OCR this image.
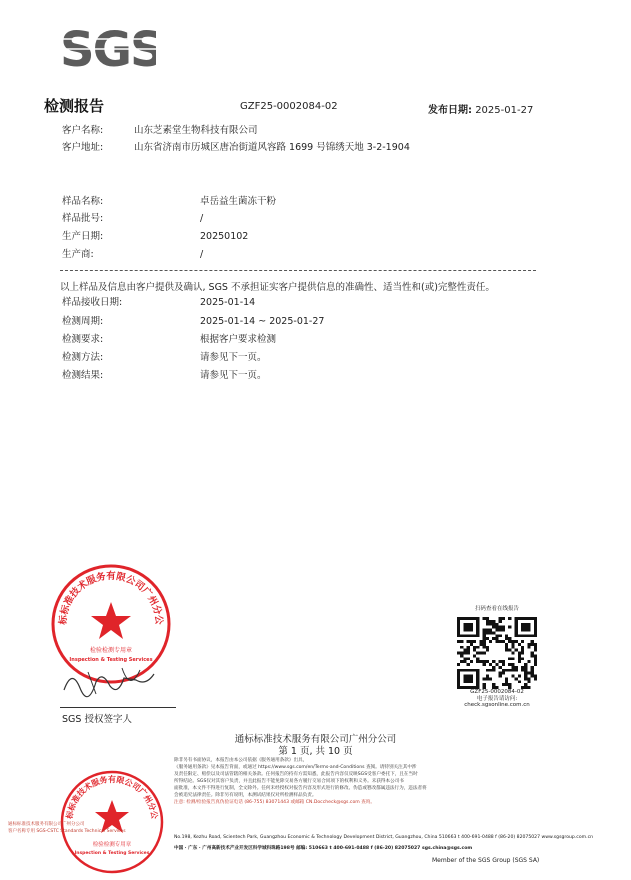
SGS
检测报告	GZF25-0002084-02	发布日期: 2025-01-27
客户名称:	山东芝素堂生物科技有限公司
客户地址:	山东省济南市历城区唐冶街道风容路 1699 号锦绣天地 3-2-1904
样品名称:	卓岳益生菌冻干粉
样品批号:	/
生产日期:	20250102
生产商:	/
以上样品及信息由客户提供及确认, SGS 不承担证实客户提供信息的准确性、适当性和(或)完整性责任。
样品接收日期:	2025-01-14
检测周期:	2025-01-14 ~ 2025-01-27
检测要求:	根据客户要求检测
检测方法:	请参见下一页。
检测结果:	请参见下一页。
标标准技术服务有限公司广州分公
检验检测专用章
Inspection & Testing Services
SGS 授权签字人
扫码查看在线报告
GZF25-0002084-02
电子报告请访问:
check.sgsonline.com.cn
通标标准技术服务有限公司广州分公司
第 1 页, 共 10 页
标标准技术服务有限公司广州分公
检验检测专用章
Inspection & Testing Services
通标标准技术服务有限公司广州分公司
客户名称专用 SGS-CSTC Standards Technical Services
除非另有书面协议，本报告由本公司依据《服务通用条款》出具，
《服务通用条款》见本报告背面，或通过 https://www.sgs.com/en/Terms-and-Conditions 查阅。请特别关注其中涉
及责任限定、赔偿以及司法管辖的相关条款。任何报告的持有方需知悉，此报告内容仅反映SGS受客户委托下，且在当时
所得结论。SGS仅对其客户负责，并且此报告不能免除交易各方履行交易合同项下的权利和义务。未获得本公司书
面批准，本文件不得进行复制，全文除外。任何未经授权对报告内容及形式进行的修改、伪造或篡改都属违法行为，违法者将
会被追究法律责任。除非另有说明，本测试结果仅对所检测样品负责。
注意: 检测/检验报告真伪验证电话 (86-755) 83071443 或邮箱 CN.Doccheck@sgs.com 查询。
No.198, Kezhu Road, Scientech Park, Guangzhou Economic & Technology Development District, Guangzhou, China 510663 t 400-691-0488 f (86-20) 82075027 www.sgsgroup.com.cn
中国 · 广东 · 广州高新技术产业开发区科学城科珠路198号 邮编: 510663 t 400-691-0488 f (86-20) 82075027 sgs.china@sgs.com
Member of the SGS Group (SGS SA)
